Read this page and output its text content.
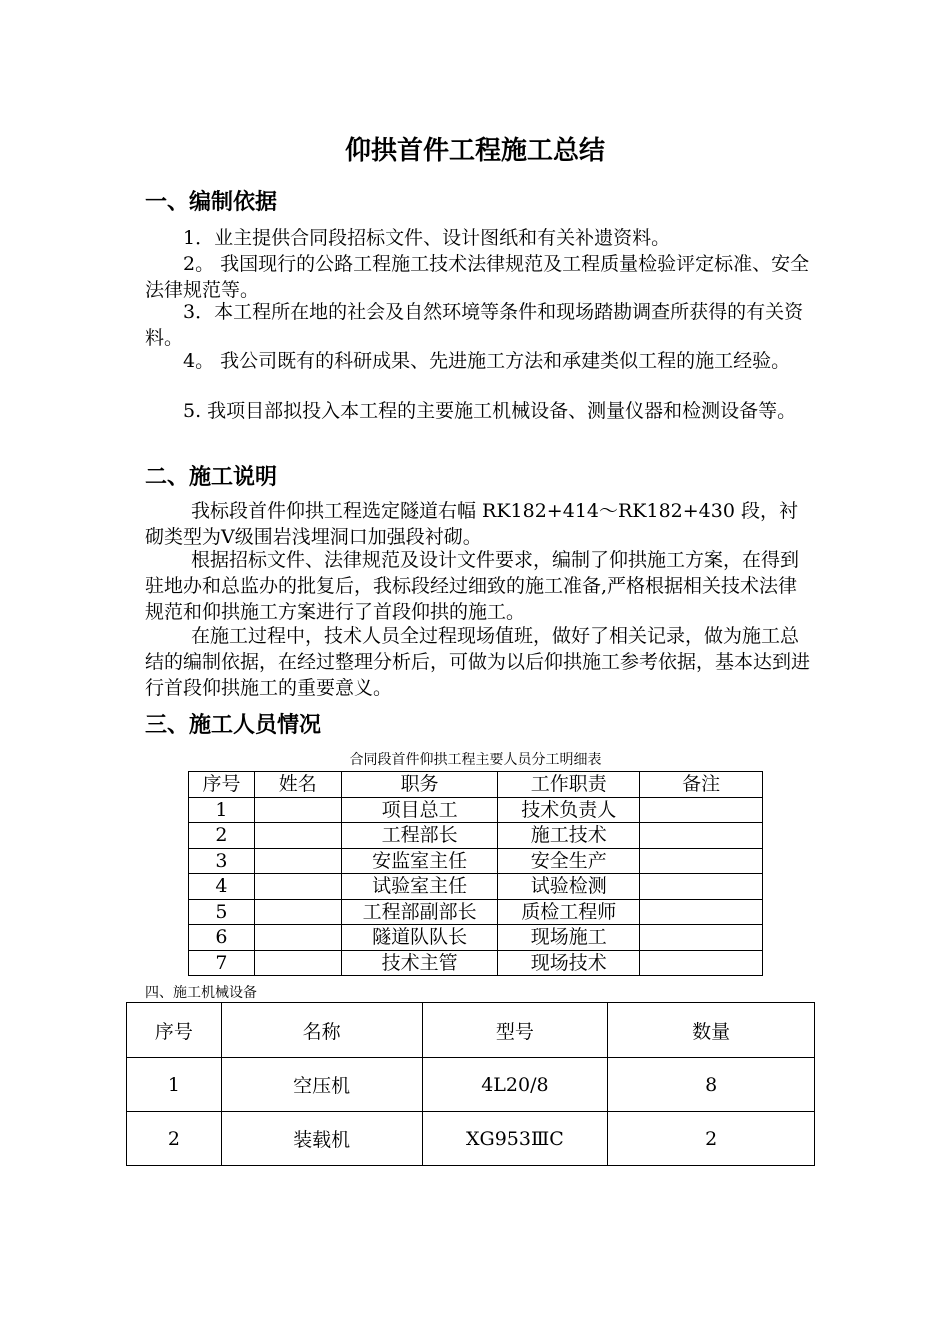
仰拱首件工程施工总结
一、编制依据
1．业主提供合同段招标文件、设计图纸和有关补遗资料。
2。 我国现行的公路工程施工技术法律规范及工程质量检验评定标准、安全法律规范等。
3．本工程所在地的社会及自然环境等条件和现场踏勘调查所获得的有关资料。
4。 我公司既有的科研成果、先进施工方法和承建类似工程的施工经验。
5. 我项目部拟投入本工程的主要施工机械设备、测量仪器和检测设备等。
二、施工说明
我标段首件仰拱工程选定隧道右幅 RK182+414～RK182+430 段，衬砌类型为Ⅴ级围岩浅埋洞口加强段衬砌。
根据招标文件、法律规范及设计文件要求，编制了仰拱施工方案，在得到驻地办和总监办的批复后，我标段经过细致的施工准备,严格根据相关技术法律规范和仰拱施工方案进行了首段仰拱的施工。
在施工过程中，技术人员全过程现场值班，做好了相关记录，做为施工总结的编制依据，在经过整理分析后，可做为以后仰拱施工参考依据，基本达到进行首段仰拱施工的重要意义。
三、施工人员情况
合同段首件仰拱工程主要人员分工明细表
序号	姓名	职务	工作职责	备注
1		项目总工	技术负责人	
2		工程部长	施工技术	
3		安监室主任	安全生产	
4		试验室主任	试验检测	
5		工程部副部长	质检工程师	
6		隧道队队长	现场施工	
7		技术主管	现场技术	
四、施工机械设备
序号	名称	型号	数量
1	空压机	4L20/8	8
2	装载机	XG953ⅢC	2
